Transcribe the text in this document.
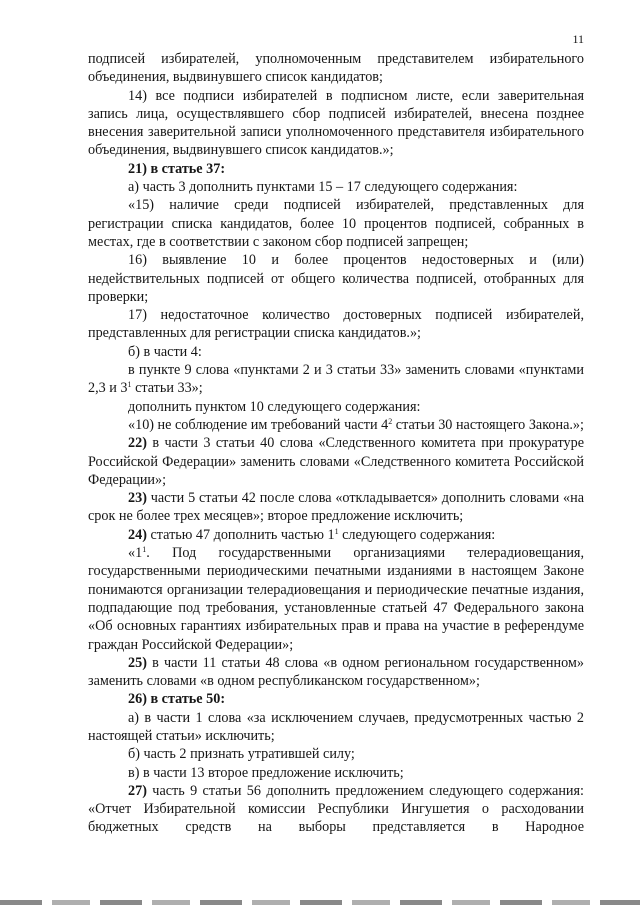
11

подписей избирателей, уполномоченным представителем избирательного объединения, выдвинувшего список кандидатов;

14) все подписи избирателей в подписном листе, если заверительная запись лица, осуществлявшего сбор подписей избирателей, внесена позднее внесения заверительной записи уполномоченного представителя избирательного объединения, выдвинувшего список кандидатов.»;

21) в статье 37:

а) часть 3 дополнить пунктами 15 – 17 следующего содержания:

«15) наличие среди подписей избирателей, представленных для регистрации списка кандидатов, более 10 процентов подписей, собранных в местах, где в соответствии с законом сбор подписей запрещен;

16) выявление 10 и более процентов недостоверных и (или) недействительных подписей от общего количества подписей, отобранных для проверки;

17) недостаточное количество достоверных подписей избирателей, представленных для регистрации списка кандидатов.»;

б) в части 4:

в пункте 9 слова «пунктами 2 и 3 статьи 33» заменить словами «пунктами 2,3 и $3^1$ статьи 33»;

дополнить пунктом 10 следующего содержания:

«10) не соблюдение им требований части $4^2$ статьи 30 настоящего Закона.»;

22) в части 3 статьи 40 слова «Следственного комитета при прокуратуре Российской Федерации» заменить словами «Следственного комитета Российской Федерации»;

23) части 5 статьи 42 после слова «откладывается» дополнить словами «на срок не более трех месяцев»; второе предложение исключить;

24) статью 47 дополнить частью $1^1$ следующего содержания:

«$1^1$. Под государственными организациями телерадиовещания, государственными периодическими печатными изданиями в настоящем Законе понимаются организации телерадиовещания и периодические печатные издания, подпадающие под требования, установленные статьей 47 Федерального закона «Об основных гарантиях избирательных прав и права на участие в референдуме граждан Российской Федерации»;

25) в части 11 статьи 48 слова «в одном региональном государственном» заменить словами «в одном республиканском государственном»;

26) в статье 50:

а) в части 1 слова «за исключением случаев, предусмотренных частью 2 настоящей статьи» исключить;

б) часть 2 признать утратившей силу;

в) в части 13 второе предложение исключить;

27) часть 9 статьи 56 дополнить предложением следующего содержания: «Отчет Избирательной комиссии Республики Ингушетия о расходовании бюджетных средств на выборы представляется в Народное
